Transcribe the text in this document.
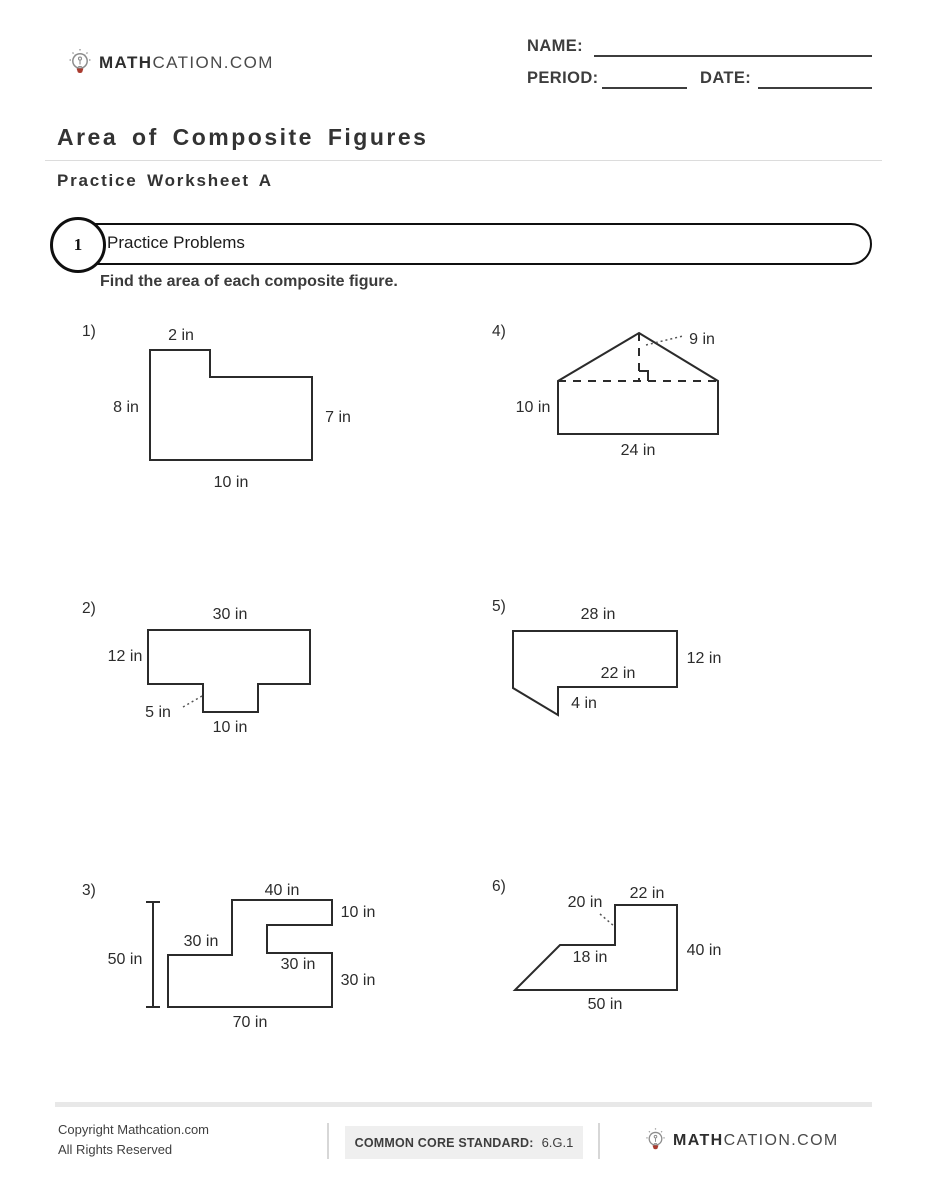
MATHCATION.COM
NAME:
PERIOD:	DATE:
Area of Composite Figures
Practice Worksheet A
1 Practice Problems
Find the area of each composite figure.
1)	2 in
8 in
7 in
10 in
4)	9 in
10 in
24 in
2)	30 in
12 in
5 in
10 in
5)	28 in
12 in
22 in
4 in
3)	40 in
10 in
30 in
50 in	30 in
30 in
70 in
6)
20 in
22 in
40 in
18 in
50 in
Copyright Mathcation.com
All Rights Reserved	COMMON CORE STANDARD: 6.G.1	MATHCATION.COM
